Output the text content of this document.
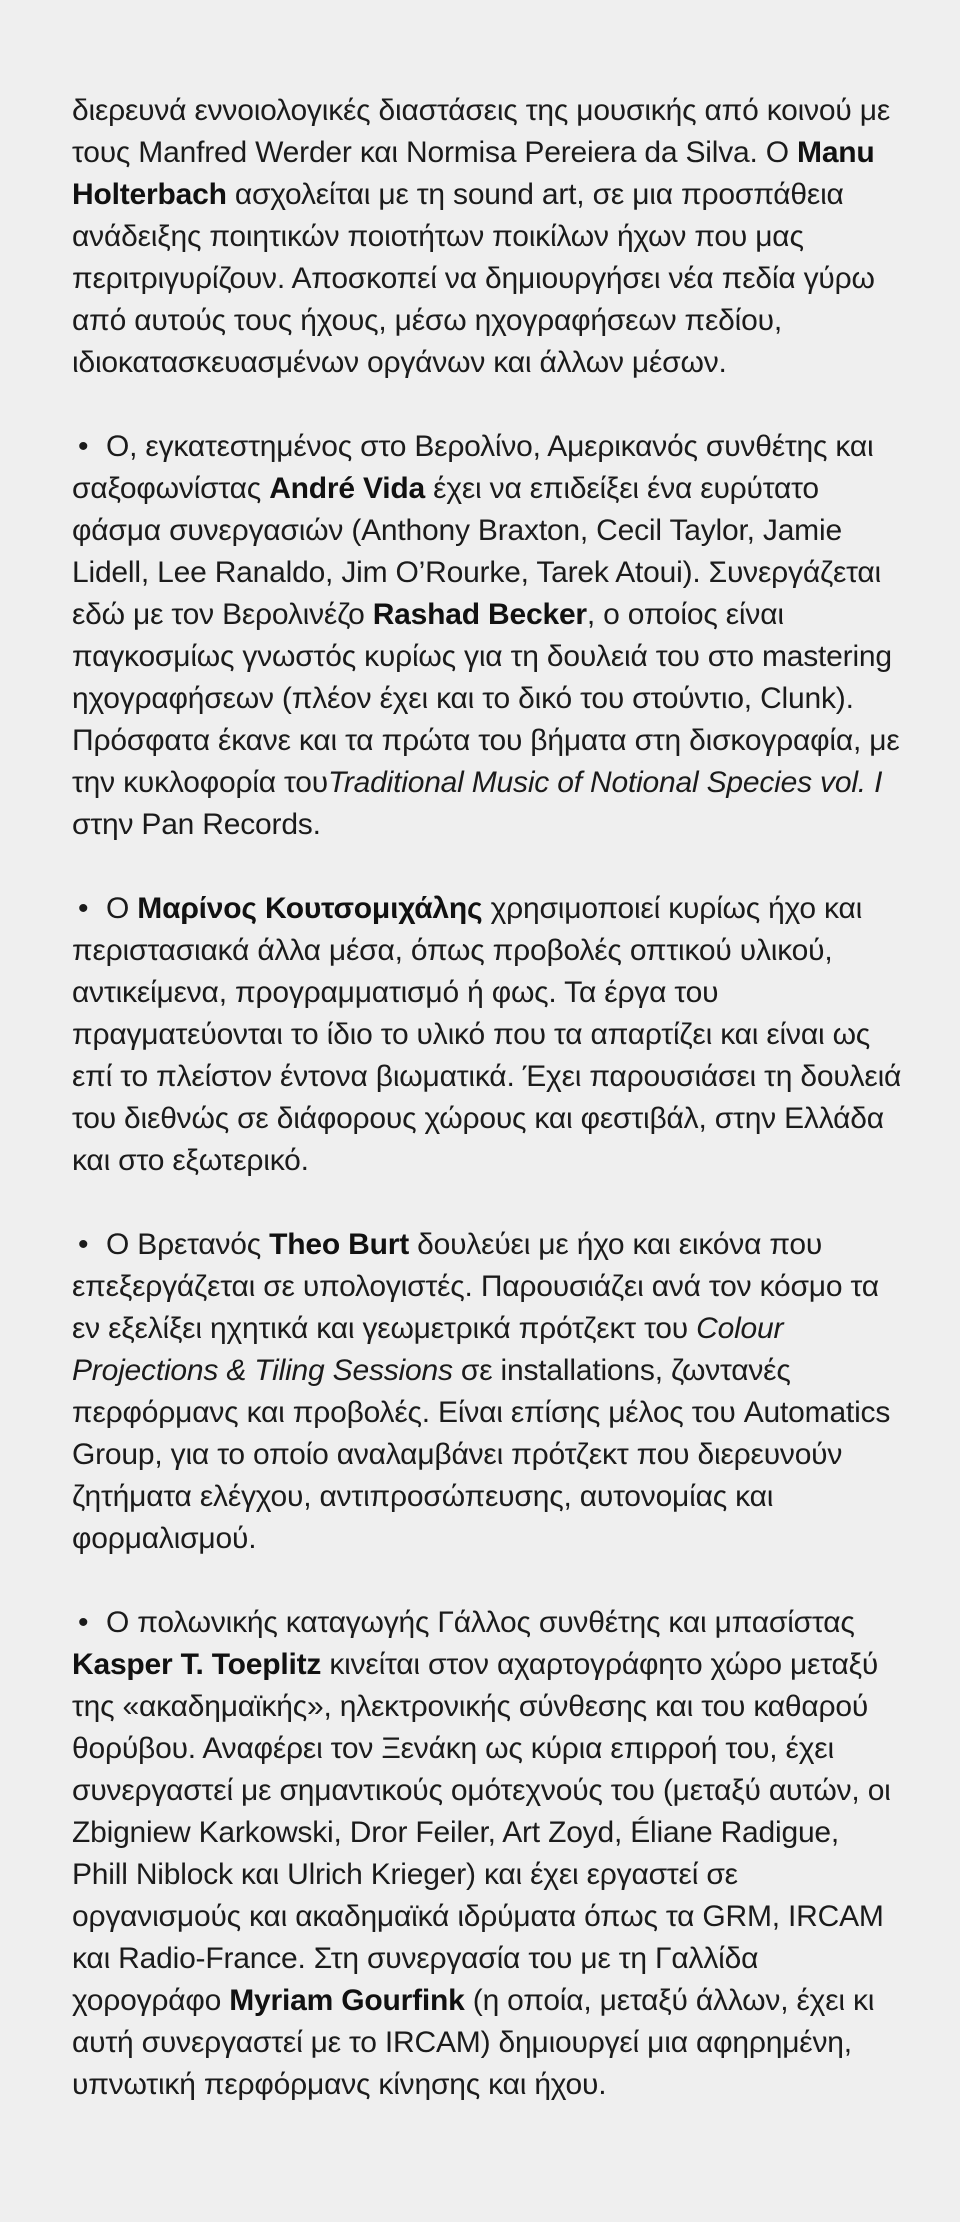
διερευνά εννοιολογικές διαστάσεις της μουσικής από κοινού με τους Manfred Werder και Normisa Pereiera da Silva. Ο Manu Holterbach ασχολείται με τη sound art, σε μια προσπάθεια ανάδειξης ποιητικών ποιοτήτων ποικίλων ήχων που μας περιτριγυρίζουν. Αποσκοπεί να δημιουργήσει νέα πεδία γύρω από αυτούς τους ήχους, μέσω ηχογραφήσεων πεδίου, ιδιοκατασκευασμένων οργάνων και άλλων μέσων.

• Ο, εγκατεστημένος στο Βερολίνο, Αμερικανός συνθέτης και σαξοφωνίστας André Vida έχει να επιδείξει ένα ευρύτατο φάσμα συνεργασιών (Anthony Braxton, Cecil Taylor, Jamie Lidell, Lee Ranaldo, Jim O’Rourke, Tarek Atoui). Συνεργάζεται εδώ με τον Βερολινέζο Rashad Becker, ο οποίος είναι παγκοσμίως γνωστός κυρίως για τη δουλειά του στο mastering ηχογραφήσεων (πλέον έχει και το δικό του στούντιο, Clunk). Πρόσφατα έκανε και τα πρώτα του βήματα στη δισκογραφία, με την κυκλοφορία τουTraditional Music of Notional Species vol. I στην Pan Records.

• Ο Μαρίνος Κουτσομιχάλης χρησιμοποιεί κυρίως ήχο και περιστασιακά άλλα μέσα, όπως προβολές οπτικού υλικού, αντικείμενα, προγραμματισμό ή φως. Τα έργα του πραγματεύονται το ίδιο το υλικό που τα απαρτίζει και είναι ως επί το πλείστον έντονα βιωματικά. Έχει παρουσιάσει τη δουλειά του διεθνώς σε διάφορους χώρους και φεστιβάλ, στην Ελλάδα και στο εξωτερικό.

• Ο Βρετανός Theo Burt δουλεύει με ήχο και εικόνα που επεξεργάζεται σε υπολογιστές. Παρουσιάζει ανά τον κόσμο τα εν εξελίξει ηχητικά και γεωμετρικά πρότζεκτ του Colour Projections & Tiling Sessions σε installations, ζωντανές περφόρμανς και προβολές. Είναι επίσης μέλος του Automatics Group, για το οποίο αναλαμβάνει πρότζεκτ που διερευνούν ζητήματα ελέγχου, αντιπροσώπευσης, αυτονομίας και φορμαλισμού.

• Ο πολωνικής καταγωγής Γάλλος συνθέτης και μπασίστας Kasper T. Toeplitz κινείται στον αχαρτογράφητο χώρο μεταξύ της «ακαδημαϊκής», ηλεκτρονικής σύνθεσης και του καθαρού θορύβου. Αναφέρει τον Ξενάκη ως κύρια επιρροή του, έχει συνεργαστεί με σημαντικούς ομότεχνούς του (μεταξύ αυτών, οι Zbigniew Karkowski, Dror Feiler, Art Zoyd, Éliane Radigue, Phill Niblock και Ulrich Krieger) και έχει εργαστεί σε οργανισμούς και ακαδημαϊκά ιδρύματα όπως τα GRM, IRCAM και Radio-France. Στη συνεργασία του με τη Γαλλίδα χορογράφο Myriam Gourfink (η οποία, μεταξύ άλλων, έχει κι αυτή συνεργαστεί με το IRCAM) δημιουργεί μια αφηρημένη, υπνωτική περφόρμανς κίνησης και ήχου.
